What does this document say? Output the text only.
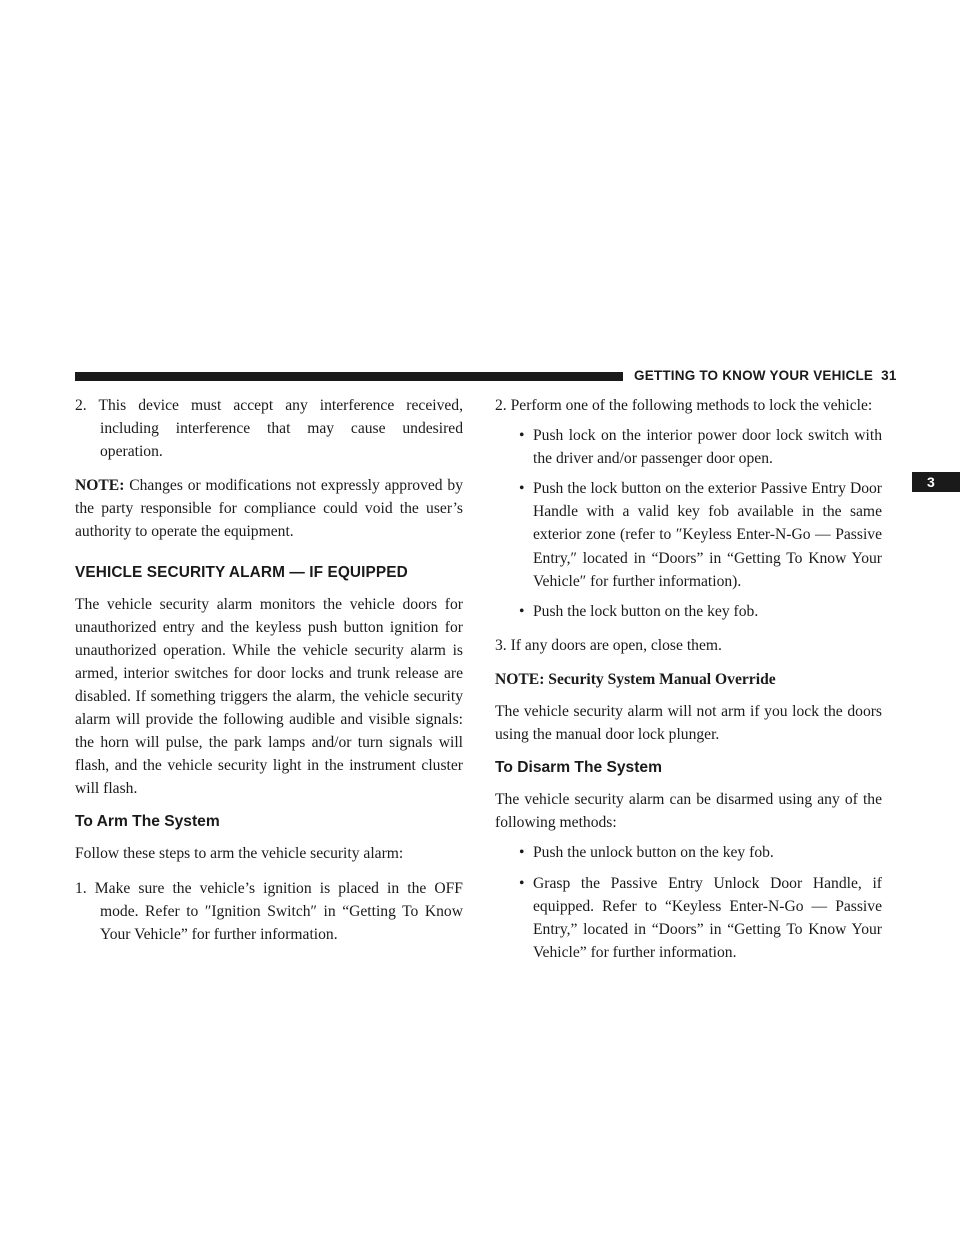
GETTING TO KNOW YOUR VEHICLE 31
3

2. This device must accept any interference received, including interference that may cause undesired operation.

NOTE: Changes or modifications not expressly approved by the party responsible for compliance could void the user’s authority to operate the equipment.

VEHICLE SECURITY ALARM — IF EQUIPPED

The vehicle security alarm monitors the vehicle doors for unauthorized entry and the keyless push button ignition for unauthorized operation. While the vehicle security alarm is armed, interior switches for door locks and trunk release are disabled. If something triggers the alarm, the vehicle security alarm will provide the following audible and visible signals: the horn will pulse, the park lamps and/or turn signals will flash, and the vehicle security light in the instrument cluster will flash.

To Arm The System

Follow these steps to arm the vehicle security alarm:

1. Make sure the vehicle’s ignition is placed in the OFF mode. Refer to ″Ignition Switch″ in “Getting To Know Your Vehicle” for further information.

2. Perform one of the following methods to lock the vehicle:

• Push lock on the interior power door lock switch with the driver and/or passenger door open.

• Push the lock button on the exterior Passive Entry Door Handle with a valid key fob available in the same exterior zone (refer to ″Keyless Enter-N-Go — Passive Entry,″ located in “Doors” in “Getting To Know Your Vehicle″ for further information).

• Push the lock button on the key fob.

3. If any doors are open, close them.

NOTE: Security System Manual Override

The vehicle security alarm will not arm if you lock the doors using the manual door lock plunger.

To Disarm The System

The vehicle security alarm can be disarmed using any of the following methods:

• Push the unlock button on the key fob.

• Grasp the Passive Entry Unlock Door Handle, if equipped. Refer to “Keyless Enter-N-Go — Passive Entry,” located in “Doors” in “Getting To Know Your Vehicle” for further information.
